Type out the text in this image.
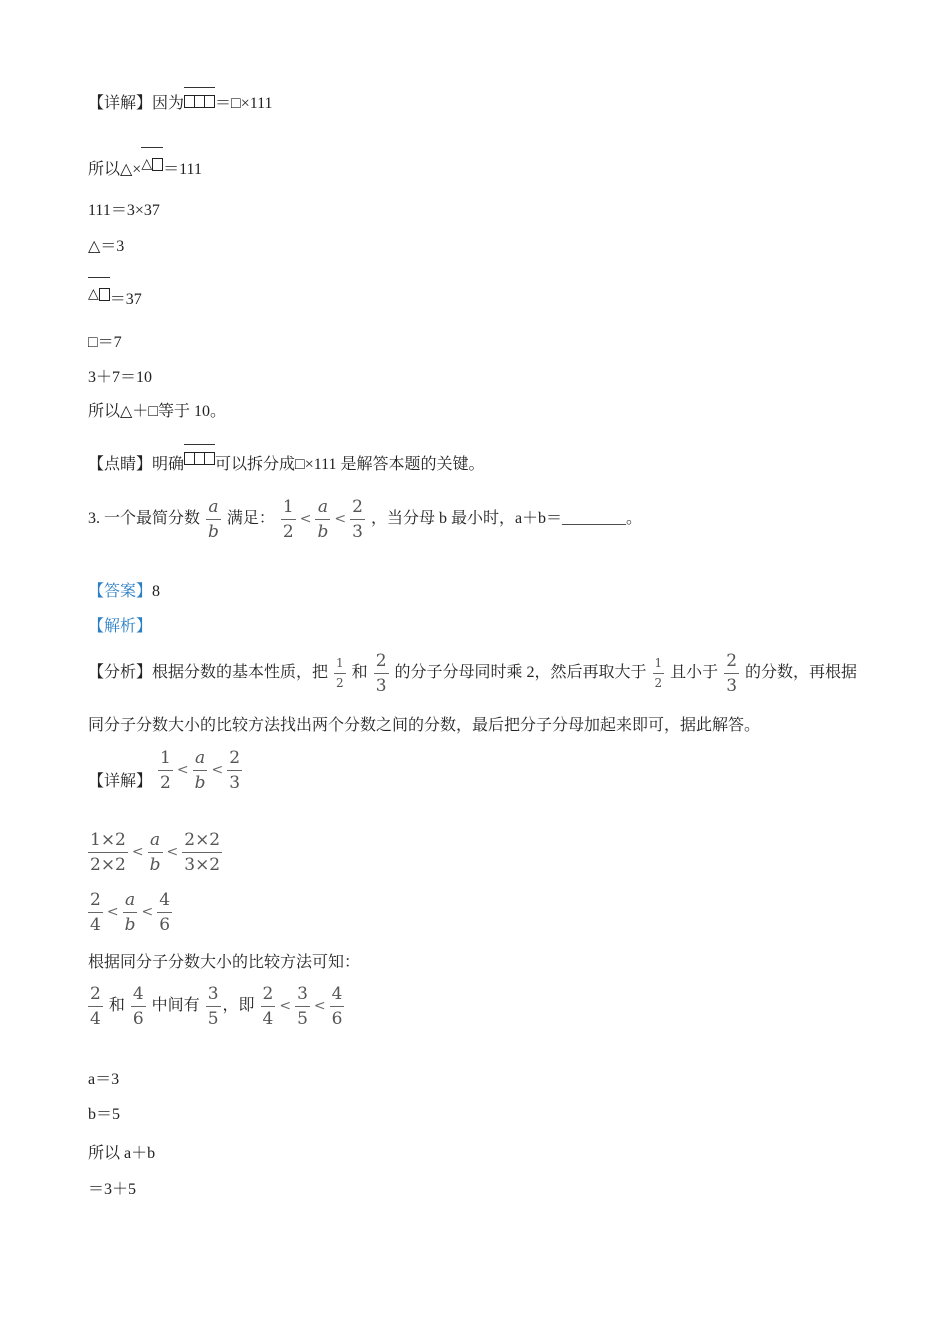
【详解】因为 ＝□×111
所以△×
△ ＝111
111＝3×37
△＝3
△ ＝37
□＝7
3＋7＝10
所以△＋□等于 10。
【点睛】明确 可以拆分成□×111 是解答本题的关键。
3. 一个最简分数 $\frac{a}{b}$ 满足： $\frac{1}{2} < \frac{a}{b} < \frac{2}{3}$ ，当分母 b 最小时，a＋b＝________。
【答案】8
【解析】
【分析】根据分数的基本性质，把 $\frac{1}{2}$ 和 $\frac{2}{3}$ 的分子分母同时乘 2，然后再取大于 $\frac{1}{2}$ 且小于 $\frac{2}{3}$ 的分数，再根据
同分子分数大小的比较方法找出两个分数之间的分数，最后把分子分母加起来即可，据此解答。
【详解】 $\frac{1}{2} < \frac{a}{b} < \frac{2}{3}$
$\frac{1\times 2}{2\times 2} < \frac{a}{b} < \frac{2\times 2}{3\times 2}$
$\frac{2}{4} < \frac{a}{b} < \frac{4}{6}$
根据同分子分数大小的比较方法可知：
$\frac{2}{4}$ 和 $\frac{4}{6}$ 中间有 $\frac{3}{5}$ ，即 $\frac{2}{4} < \frac{3}{5} < \frac{4}{6}$
a＝3
b＝5
所以 a＋b
＝3＋5
